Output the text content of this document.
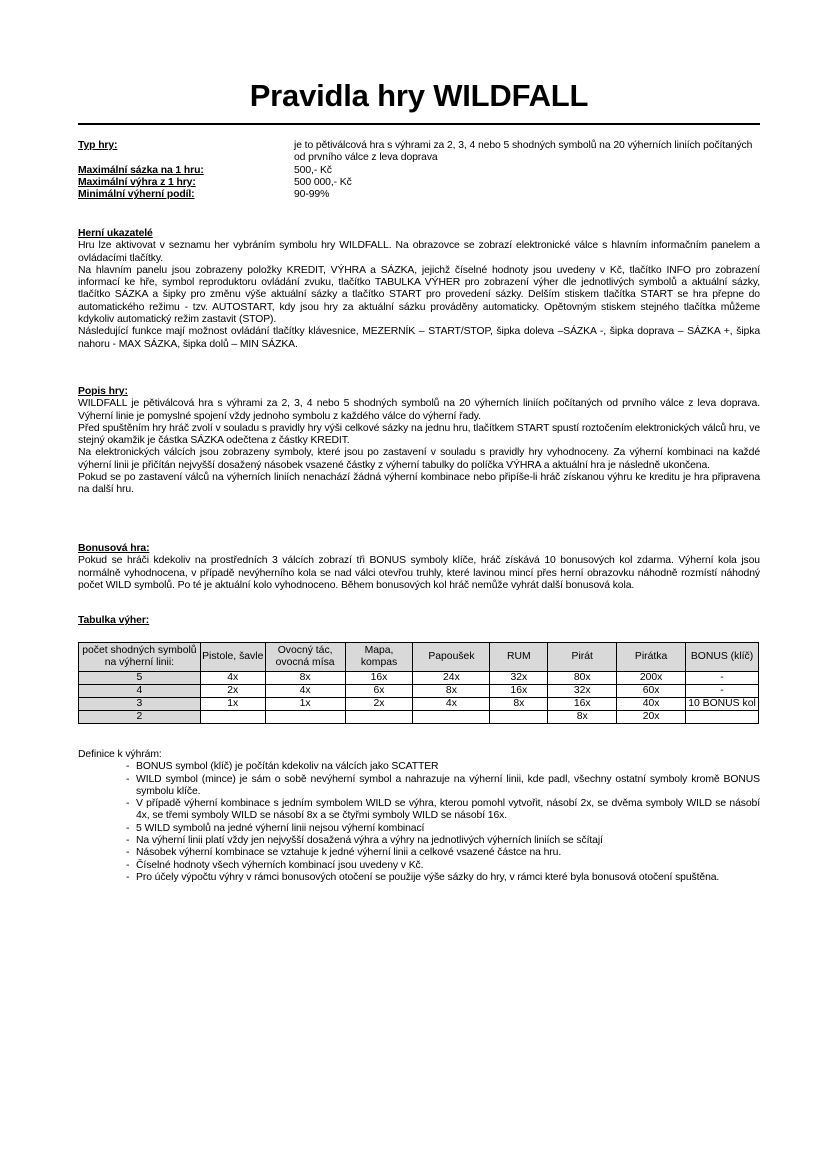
Pravidla hry WILDFALL
Typ hry:	je to pětiválcová hra s výhrami za 2, 3, 4 nebo 5 shodných symbolů na 20 výherních liniích počítaných od prvního válce z leva doprava
Maximální sázka na 1 hru:	500,- Kč
Maximální výhra z 1 hry:	500 000,- Kč
Minimální výherní podíl:	90-99%
Herní ukazatelé

Hru lze aktivovat v seznamu her vybráním symbolu hry WILDFALL. Na obrazovce se zobrazí elektronické válce s hlavním informačním panelem a ovládacími tlačítky.

Na hlavním panelu jsou zobrazeny položky KREDIT, VÝHRA a SÁZKA, jejichž číselné hodnoty jsou uvedeny v Kč, tlačítko INFO pro zobrazení informací ke hře, symbol reproduktoru ovládání zvuku, tlačítko TABULKA VÝHER pro zobrazení výher dle jednotlivých symbolů a aktuální sázky, tlačítko SÁZKA a šipky pro změnu výše aktuální sázky a tlačítko START pro provedení sázky. Delším stiskem tlačítka START se hra přepne do automatického režimu - tzv. AUTOSTART, kdy jsou hry za aktuální sázku prováděny automaticky. Opětovným stiskem stejného tlačítka můžeme kdykoliv automatický režim zastavit (STOP).

Následující funkce mají možnost ovládání tlačítky klávesnice, MEZERNÍK – START/STOP, šipka doleva –SÁZKA -, šipka doprava – SÁZKA +, šipka nahoru - MAX SÁZKA, šipka dolů – MIN SÁZKA.

Popis hry:

WILDFALL je pětiválcová hra s výhrami za 2, 3, 4 nebo 5 shodných symbolů na 20 výherních liniích počítaných od prvního válce z leva doprava. Výherní linie je pomyslné spojení vždy jednoho symbolu z každého válce do výherní řady.

Před spuštěním hry hráč zvolí v souladu s pravidly hry výši celkové sázky na jednu hru, tlačítkem START spustí roztočením elektronických válců hru, ve stejný okamžik je částka SÁZKA odečtena z částky KREDIT.

Na elektronických válcích jsou zobrazeny symboly, které jsou po zastavení v souladu s pravidly hry vyhodnoceny. Za výherní kombinaci na každé výherní linii je přičítán nejvyšší dosažený násobek vsazené částky z výherní tabulky do políčka VÝHRA a aktuální hra je následně ukončena.

Pokud se po zastavení válců na výherních liniích nenachází žádná výherní kombinace nebo připíše-li hráč získanou výhru ke kreditu je hra připravena na další hru.

Bonusová hra:

Pokud se hráči kdekoliv na prostředních 3 válcích zobrazí tři BONUS symboly klíče, hráč získává 10 bonusových kol zdarma. Výherní kola jsou normálně vyhodnocena, v případě nevýherního kola se nad válci otevřou truhly, které lavinou mincí přes herní obrazovku náhodně rozmístí náhodný počet WILD symbolů. Po té je aktuální kolo vyhodnoceno. Během bonusových kol hráč nemůže vyhrát další bonusová kola.

Tabulka výher:
počet shodných symbolů na výherní linii:	Pistole, šavle	Ovocný tác, ovocná mísa	Mapa, kompas	Papoušek	RUM	Pirát	Pirátka	BONUS (klíč)
5	4x	8x	16x	24x	32x	80x	200x	-
4	2x	4x	6x	8x	16x	32x	60x	-
3	1x	1x	2x	4x	8x	16x	40x	10 BONUS kol
2						8x	20x	
Definice k výhrám:
- BONUS symbol (klíč) je počítán kdekoliv na válcích jako SCATTER
- WILD symbol (mince) je sám o sobě nevýherní symbol a nahrazuje na výherní linii, kde padl, všechny ostatní symboly kromě BONUS symbolu klíče.
- V případě výherní kombinace s jedním symbolem WILD se výhra, kterou pomohl vytvořit, násobí 2x, se dvěma symboly WILD se násobí 4x, se třemi symboly WILD se násobí 8x a se čtyřmi symboly WILD se násobí 16x.
- 5 WILD symbolů na jedné výherní linii nejsou výherní kombinací
- Na výherní linii platí vždy jen nejvyšší dosažená výhra a výhry na jednotlivých výherních liniích se sčítají
- Násobek výherní kombinace se vztahuje k jedné výherní linii a celkové vsazené částce na hru.
- Číselné hodnoty všech výherních kombinací jsou uvedeny v Kč.
- Pro účely výpočtu výhry v rámci bonusových otočení se použije výše sázky do hry, v rámci které byla bonusová otočení spuštěna.
